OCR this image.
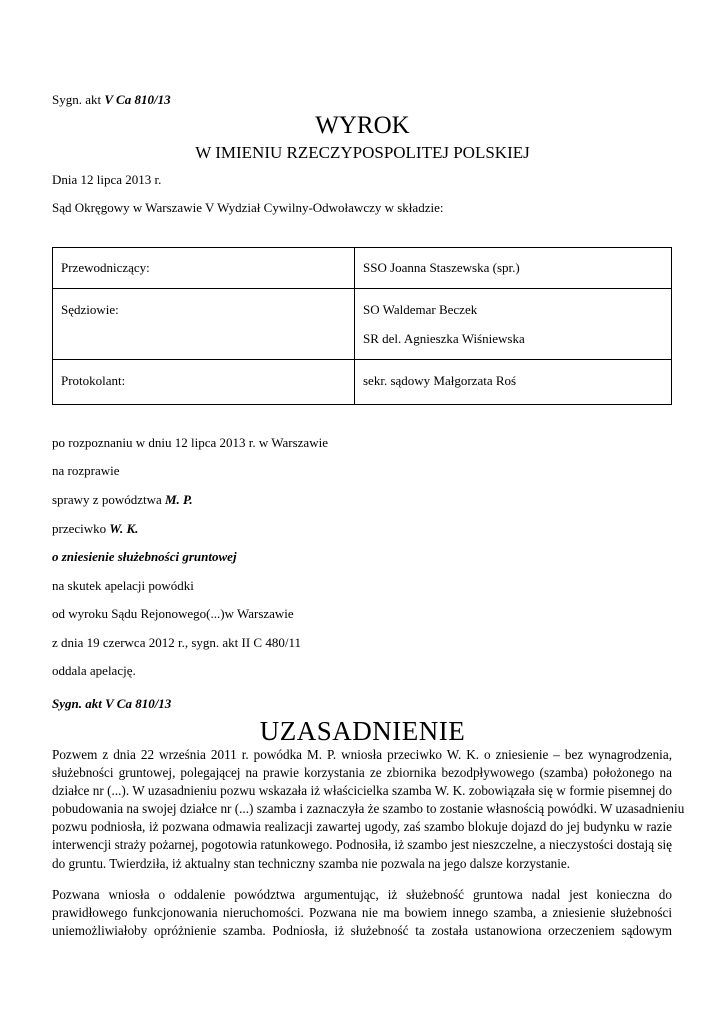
Sygn. akt V Ca 810/13
WYROK
W IMIENIU RZECZYPOSPOLITEJ POLSKIEJ
Dnia 12 lipca 2013 r.
Sąd Okręgowy w Warszawie V Wydział Cywilny-Odwoławczy w składzie:
Przewodniczący:	SSO Joanna Staszewska (spr.)
Sędziowie:	SO Waldemar Beczek
SR del. Agnieszka Wiśniewska

Protokolant:	sekr. sądowy Małgorzata Roś
po rozpoznaniu w dniu 12 lipca 2013 r. w Warszawie
na rozprawie
sprawy z powództwa M. P.
przeciwko W. K.
o zniesienie służebności gruntowej
na skutek apelacji powódki
od wyroku Sądu Rejonowego(...)w Warszawie
z dnia 19 czerwca 2012 r., sygn. akt II C 480/11
oddala apelację.
Sygn. akt V Ca 810/13
UZASADNIENIE

Pozwem z dnia 22 września 2011 r. powódka M. P. wniosła przeciwko W. K. o zniesienie – bez wynagrodzenia,

służebności gruntowej, polegającej na prawie korzystania ze zbiornika bezodpływowego (szamba) położonego na

działce nr (...). W uzasadnieniu pozwu wskazała iż właścicielka szamba W. K. zobowiązała się w formie pisemnej do

pobudowania na swojej działce nr (...) szamba i zaznaczyła że szambo to zostanie własnością powódki. W uzasadnieniu

pozwu podniosła, iż pozwana odmawia realizacji zawartej ugody, zaś szambo blokuje dojazd do jej budynku w razie

interwencji straży pożarnej, pogotowia ratunkowego. Podnosiła, iż szambo jest nieszczelne, a nieczystości dostają się

do gruntu. Twierdziła, iż aktualny stan techniczny szamba nie pozwala na jego dalsze korzystanie.

Pozwana wniosła o oddalenie powództwa argumentując, iż służebność gruntowa nadal jest konieczna do

prawidłowego funkcjonowania nieruchomości. Pozwana nie ma bowiem innego szamba, a zniesienie służebności

uniemożliwiałoby opróżnienie szamba. Podniosła, iż służebność ta została ustanowiona orzeczeniem sądowym
